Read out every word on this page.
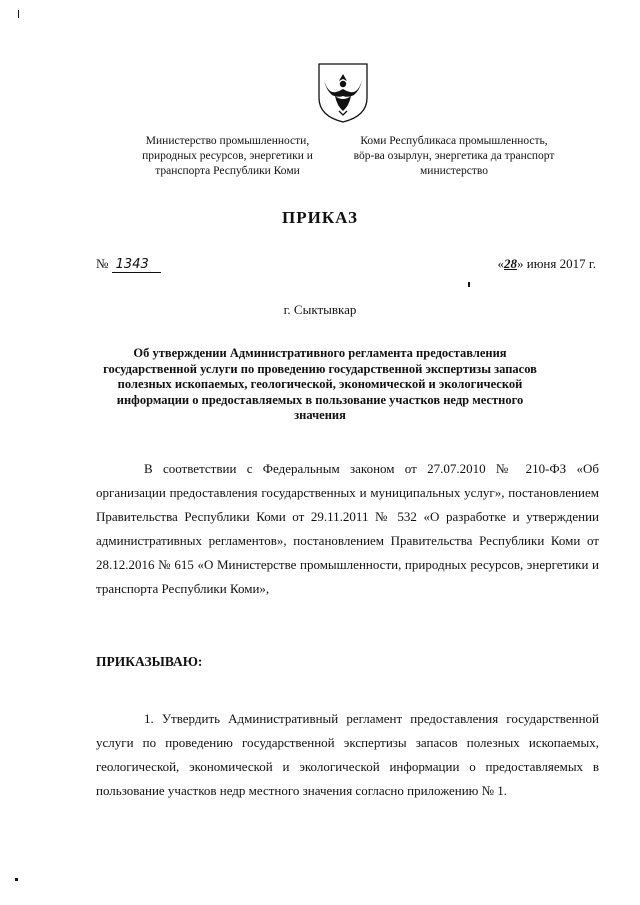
Министерство промышленности,
природных ресурсов, энергетики и
транспорта Республики Коми
Коми Республикаса промышленность,
вӧр-ва озырлун, энергетика да транспорт
министерство
ПРИКАЗ
№ 1343	«28» июня 2017 г.
г. Сыктывкар
Об утверждении Административного регламента предоставления государственной услуги по проведению государственной экспертизы запасов полезных ископаемых, геологической, экономической и экологической информации о предоставляемых в пользование участков недр местного значения
В соответствии с Федеральным законом от 27.07.2010 № 210-ФЗ «Об организации предоставления государственных и муниципальных услуг», постановлением Правительства Республики Коми от 29.11.2011 № 532 «О разработке и утверждении административных регламентов», постановлением Правительства Республики Коми от 28.12.2016 № 615 «О Министерстве промышленности, природных ресурсов, энергетики и транспорта Республики Коми»,
ПРИКАЗЫВАЮ:
1. Утвердить Административный регламент предоставления государственной услуги по проведению государственной экспертизы запасов полезных ископаемых, геологической, экономической и экологической информации о предоставляемых в пользование участков недр местного значения согласно приложению № 1.
